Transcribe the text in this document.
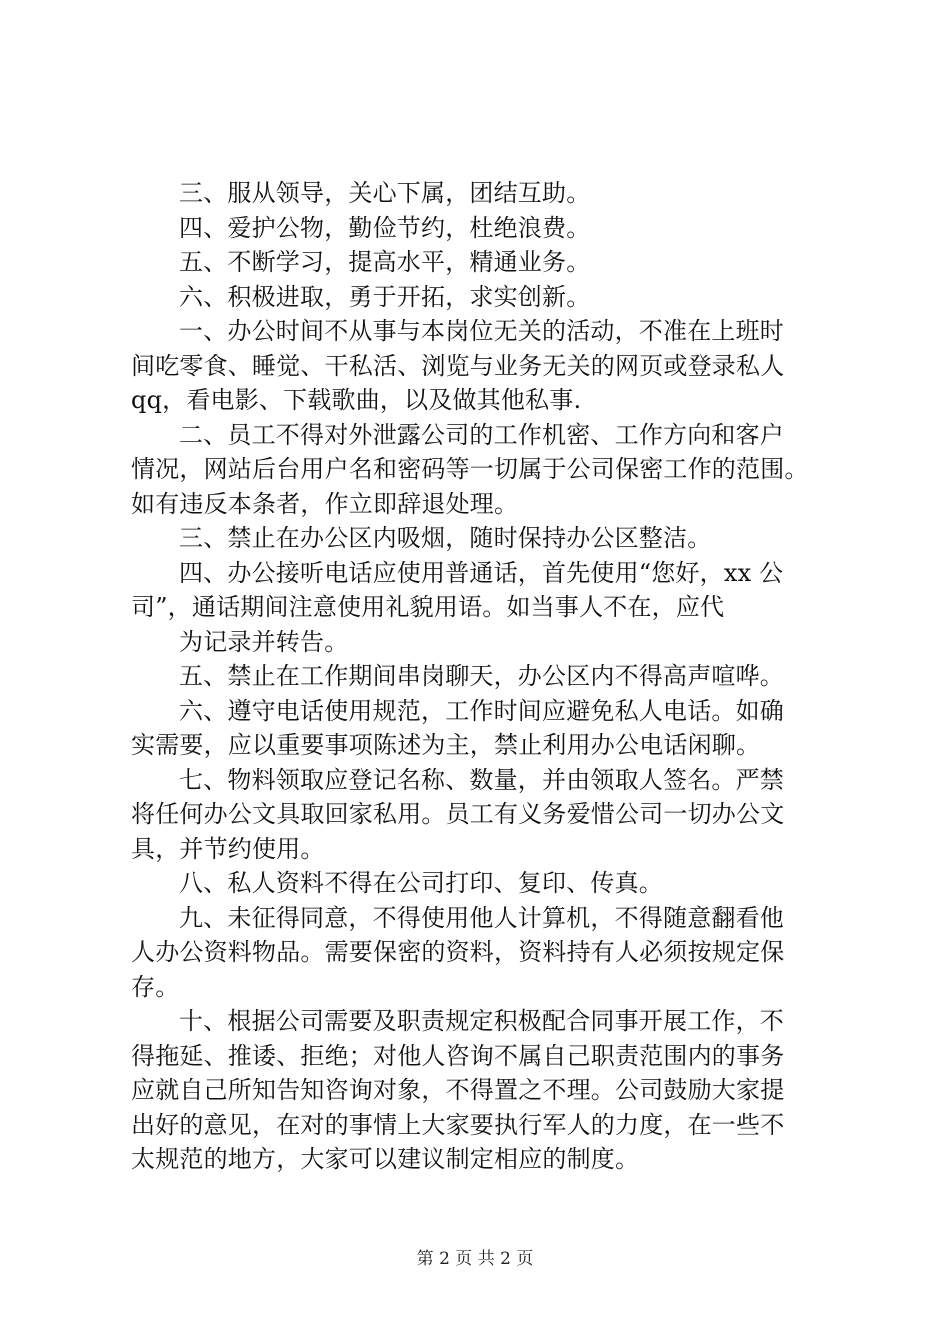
三、服从领导，关心下属，团结互助。

四、爱护公物，勤俭节约，杜绝浪费。

五、不断学习，提高水平，精通业务。

六、积极进取，勇于开拓，求实创新。

一、办公时间不从事与本岗位无关的活动，不准在上班时
间吃零食、睡觉、干私活、浏览与业务无关的网页或登录私人
qq，看电影、下载歌曲，以及做其他私事.

二、员工不得对外泄露公司的工作机密、工作方向和客户
情况，网站后台用户名和密码等一切属于公司保密工作的范围。
如有违反本条者，作立即辞退处理。

三、禁止在办公区内吸烟，随时保持办公区整洁。

四、办公接听电话应使用普通话，首先使用“您好，xx 公
司”，通话期间注意使用礼貌用语。如当事人不在，应代

为记录并转告。

五、禁止在工作期间串岗聊天，办公区内不得高声喧哗。

六、遵守电话使用规范，工作时间应避免私人电话。如确
实需要，应以重要事项陈述为主，禁止利用办公电话闲聊。

七、物料领取应登记名称、数量，并由领取人签名。严禁
将任何办公文具取回家私用。员工有义务爱惜公司一切办公文
具，并节约使用。

八、私人资料不得在公司打印、复印、传真。

九、未征得同意，不得使用他人计算机，不得随意翻看他
人办公资料物品。需要保密的资料，资料持有人必须按规定保
存。

十、根据公司需要及职责规定积极配合同事开展工作，不
得拖延、推诿、拒绝；对他人咨询不属自己职责范围内的事务
应就自己所知告知咨询对象，不得置之不理。公司鼓励大家提
出好的意见，在对的事情上大家要执行军人的力度，在一些不
太规范的地方，大家可以建议制定相应的制度。

第 2 页 共 2 页
